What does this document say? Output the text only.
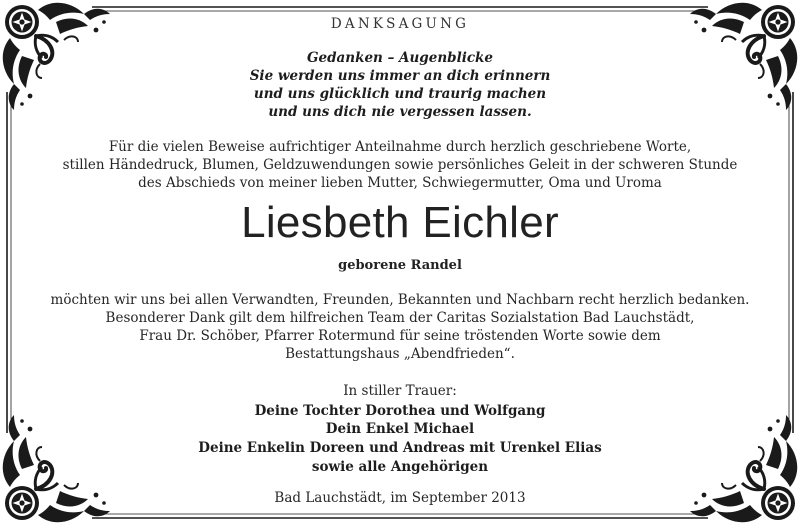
DANKSAGUNG
Gedanken – Augenblicke
Sie werden uns immer an dich erinnern
und uns glücklich und traurig machen
und uns dich nie vergessen lassen.
Für die vielen Beweise aufrichtiger Anteilnahme durch herzlich geschriebene Worte,
stillen Händedruck, Blumen, Geldzuwendungen sowie persönliches Geleit in der schweren Stunde
des Abschieds von meiner lieben Mutter, Schwiegermutter, Oma und Uroma
Liesbeth Eichler
geborene Randel
möchten wir uns bei allen Verwandten, Freunden, Bekannten und Nachbarn recht herzlich bedanken.
Besonderer Dank gilt dem hilfreichen Team der Caritas Sozialstation Bad Lauchstädt,
Frau Dr. Schöber, Pfarrer Rotermund für seine tröstenden Worte sowie dem
Bestattungshaus „Abendfrieden“.
In stiller Trauer:
Deine Tochter Dorothea und Wolfgang
Dein Enkel Michael
Deine Enkelin Doreen und Andreas mit Urenkel Elias
sowie alle Angehörigen
Bad Lauchstädt, im September 2013
